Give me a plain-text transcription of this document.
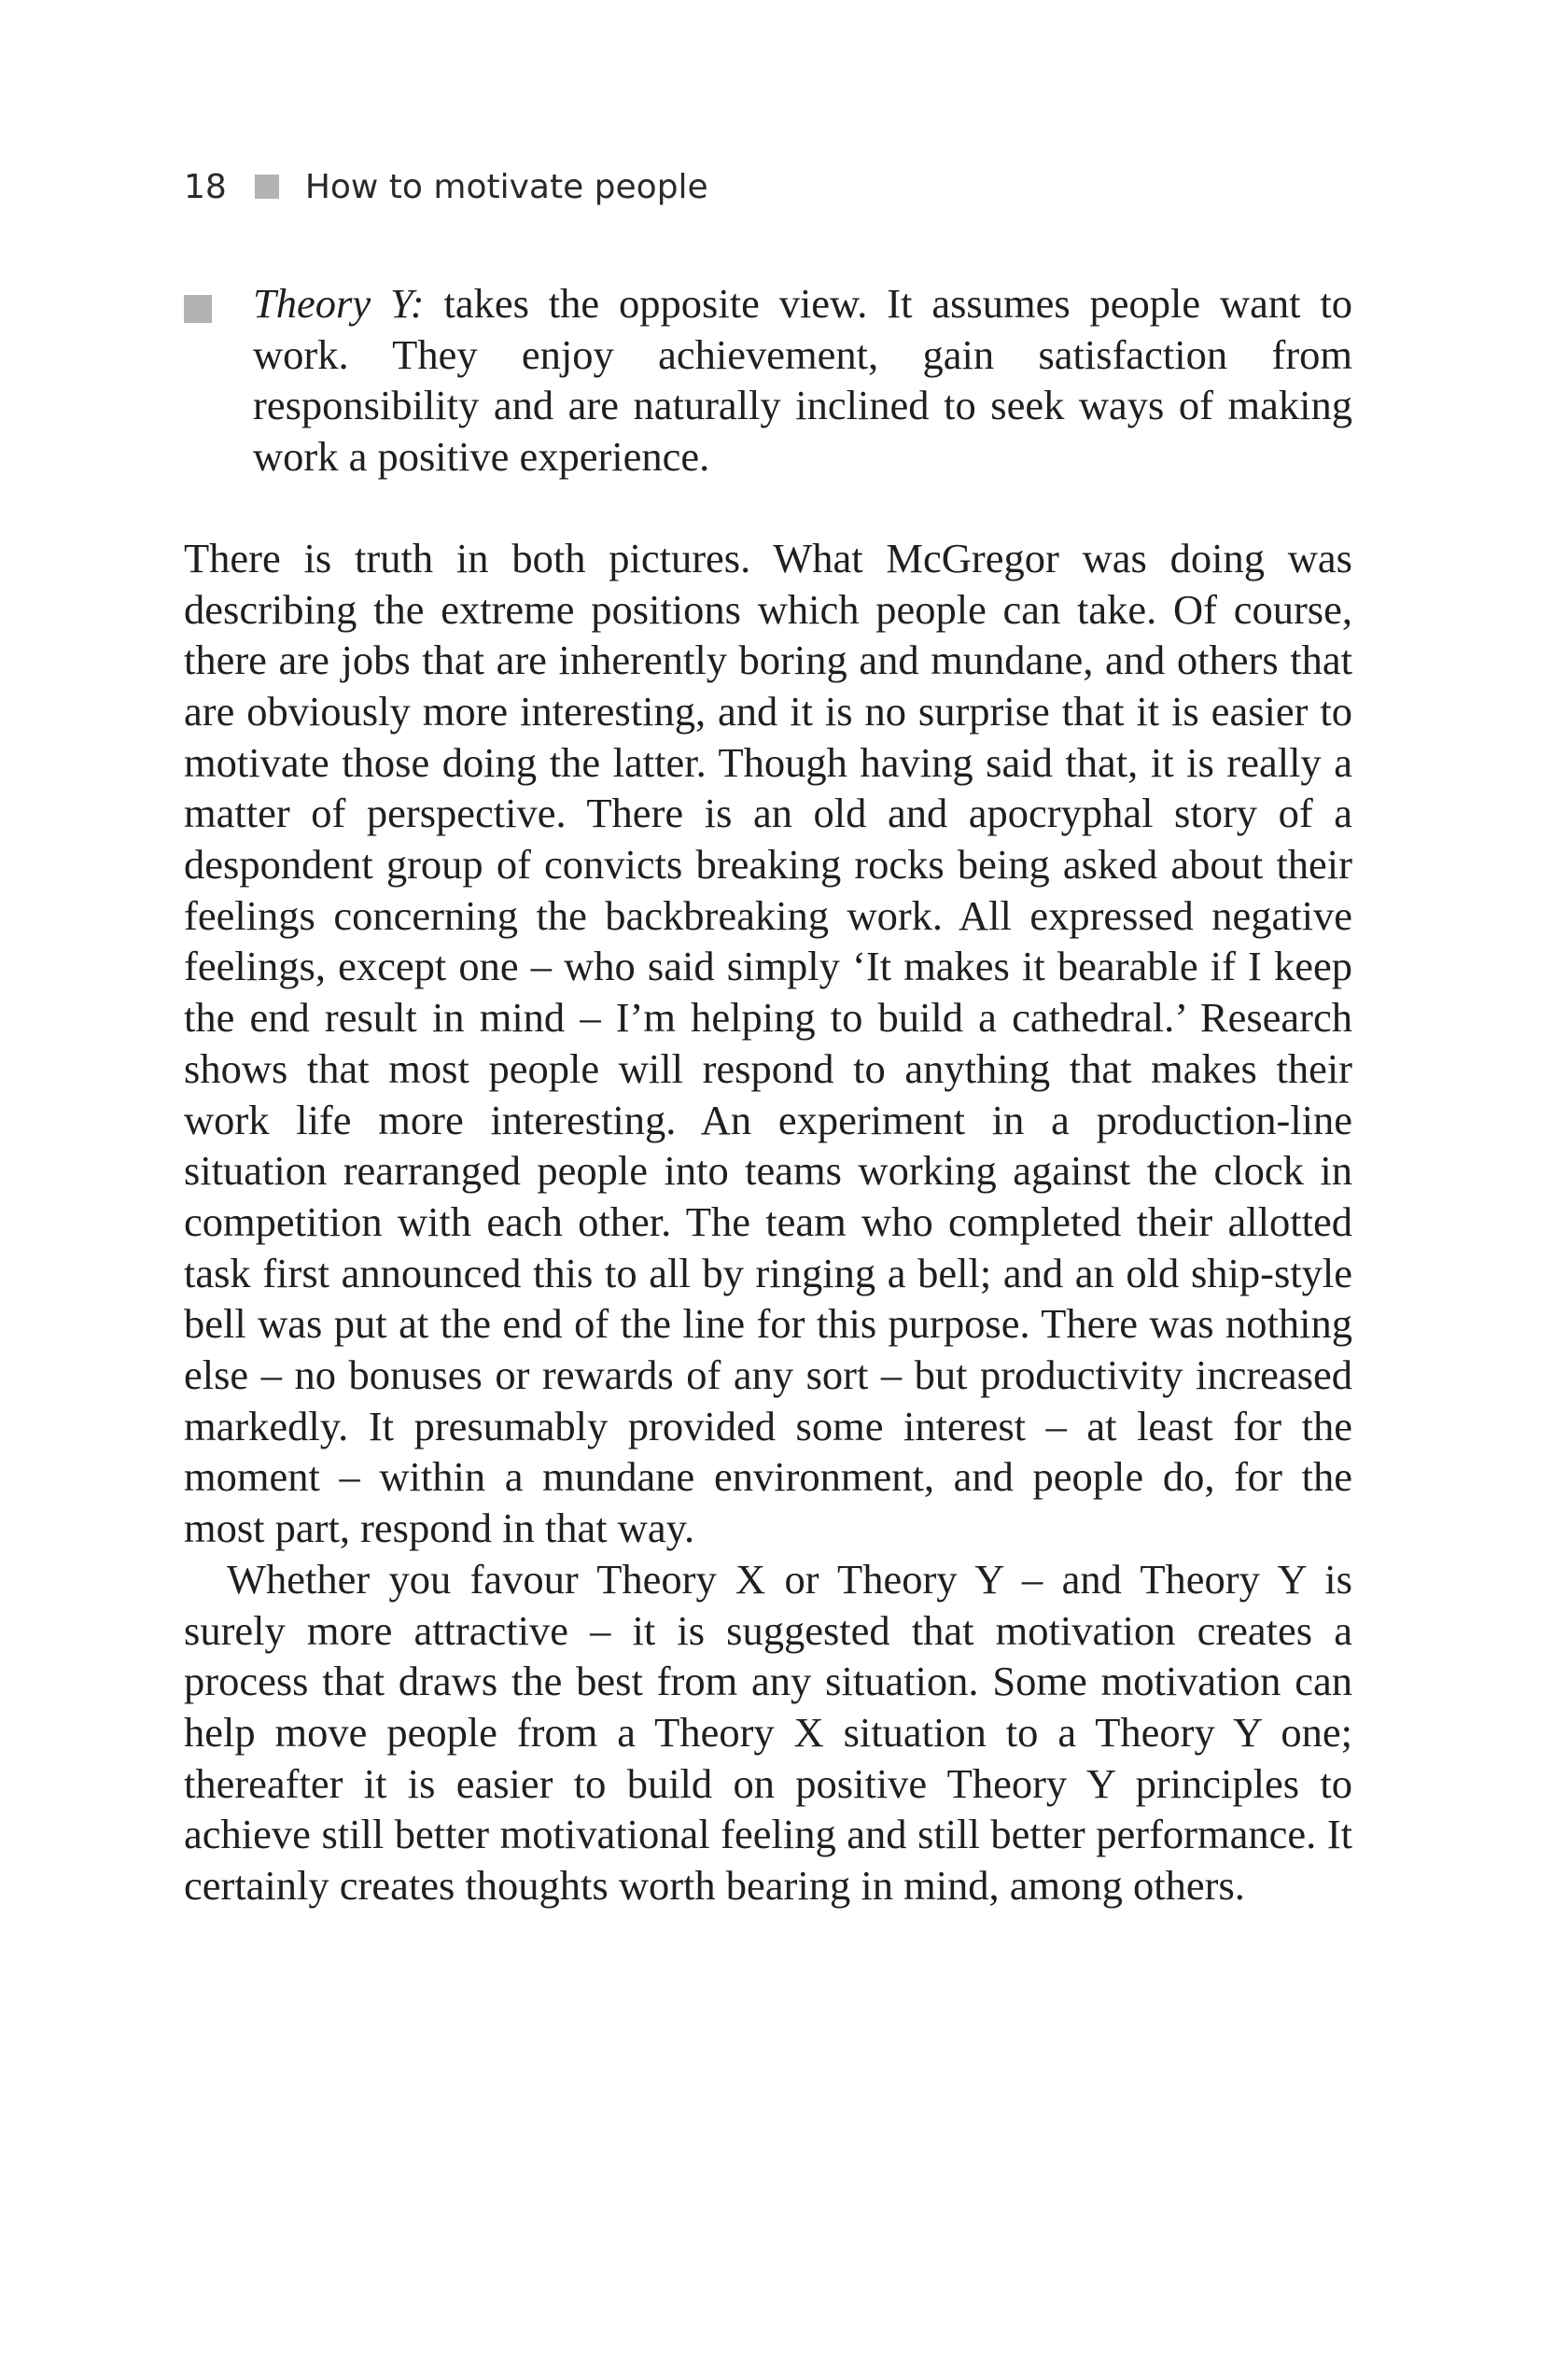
18 How to motivate people

Theory Y: takes the opposite view. It assumes people want to work. They enjoy achievement, gain satisfaction from responsibility and are naturally inclined to seek ways of making work a positive experience.

There is truth in both pictures. What McGregor was doing was describing the extreme positions which people can take. Of course, there are jobs that are inherently boring and mundane, and others that are obviously more interesting, and it is no surprise that it is easier to motivate those doing the latter. Though having said that, it is really a matter of perspective. There is an old and apocryphal story of a despondent group of convicts breaking rocks being asked about their feelings concerning the backbreaking work. All expressed negative feelings, except one – who said simply ‘It makes it bearable if I keep the end result in mind – I’m helping to build a cathedral.’ Research shows that most people will respond to anything that makes their work life more interesting. An experiment in a production-line situation rearranged people into teams working against the clock in competition with each other. The team who completed their allotted task first announced this to all by ringing a bell; and an old ship-style bell was put at the end of the line for this purpose. There was nothing else – no bonuses or rewards of any sort – but productivity increased markedly. It presumably provided some interest – at least for the moment – within a mundane environment, and people do, for the most part, respond in that way.

Whether you favour Theory X or Theory Y – and Theory Y is surely more attractive – it is suggested that motivation creates a process that draws the best from any situation. Some motivation can help move people from a Theory X situation to a Theory Y one; thereafter it is easier to build on positive Theory Y principles to achieve still better motivational feeling and still better performance. It certainly creates thoughts worth bearing in mind, among others.
